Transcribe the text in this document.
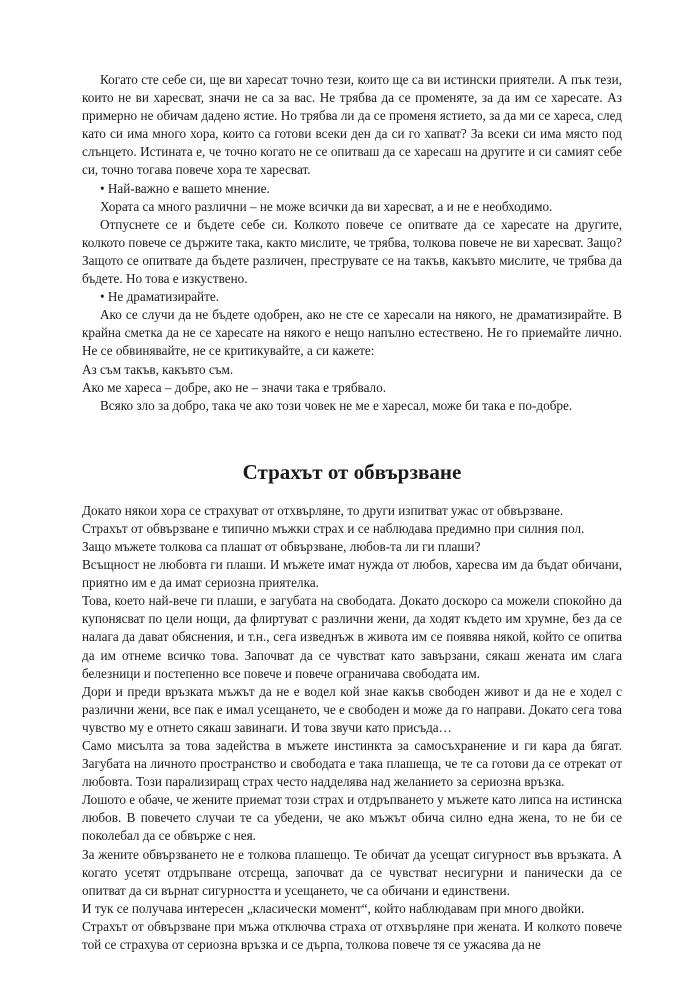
Когато сте себе си, ще ви харесат точно тези, които ще са ви истински приятели. А пък тези, които не ви харесват, значи не са за вас. Не трябва да се променяте, за да им се харесате. Аз примерно не обичам дадено ястие. Но трябва ли да се променя ястието, за да ми се хареса, след като си има много хора, които са готови всеки ден да си го хапват? За всеки си има място под слънцето. Истината е, че точно когато не се опитваш да се харесаш на другите и си самият себе си, точно тогава повече хора те харесват.

• Най-важно е вашето мнение.

Хората са много различни – не може всички да ви харесват, а и не е необходимо.

Отпуснете се и бъдете себе си. Колкото повече се опитвате да се харесате на другите, колкото повече се държите така, както мислите, че трябва, толкова повече не ви харесват. Защо? Защото се опитвате да бъдете различен, преструвате се на такъв, какъвто мислите, че трябва да бъдете. Но това е изкуствено.

• Не драматизирайте.

Ако се случи да не бъдете одобрен, ако не сте се харесали на някого, не драматизирайте. В крайна сметка да не се харесате на някого е нещо напълно естествено. Не го приемайте лично. Не се обвинявайте, не се критикувайте, а си кажете:

Аз съм такъв, какъвто съм.

Ако ме хареса – добре, ако не – значи така е трябвало.

Всяко зло за добро, така че ако този човек не ме е харесал, може би така е по-добре.

Страхът от обвързване

Докато някои хора се страхуват от отхвърляне, то други изпитват ужас от обвързване.

Страхът от обвързване е типично мъжки страх и се наблюдава предимно при силния пол.

Защо мъжете толкова са плашат от обвързване, любов-та ли ги плаши?

Всъщност не любовта ги плаши. И мъжете имат нужда от любов, харесва им да бъдат обичани, приятно им е да имат сериозна приятелка.

Това, което най-вече ги плаши, е загубата на свободата. Докато доскоро са можели спокойно да купонясват по цели нощи, да флиртуват с различни жени, да ходят където им хрумне, без да се налага да дават обяснения, и т.н., сега изведнъж в живота им се появява някой, който се опитва да им отнеме всичко това. Започват да се чувстват като завързани, сякаш жената им слага белезници и постепенно все повече и повече ограничава свободата им.

Дори и преди връзката мъжът да не е водел кой знае какъв свободен живот и да не е ходел с различни жени, все пак е имал усещането, че е свободен и може да го направи. Докато сега това чувство му е отнето сякаш завинаги. И това звучи като присъда…

Само мисълта за това задейства в мъжете инстинкта за самосъхранение и ги кара да бягат. Загубата на личното пространство и свободата е така плашеща, че те са готови да се отрекат от любовта. Този парализиращ страх често надделява над желанието за сериозна връзка.

Лошото е обаче, че жените приемат този страх и отдръпването у мъжете като липса на истинска любов. В повечето случаи те са убедени, че ако мъжът обича силно една жена, то не би се поколебал да се обвърже с нея.

За жените обвързването не е толкова плашещо. Те обичат да усещат сигурност във връзката. А когато усетят отдръпване отсреща, започват да се чувстват несигурни и панически да се опитват да си върнат сигурността и усещането, че са обичани и единствени.

И тук се получава интересен „класически момент“, който наблюдавам при много двойки.

Страхът от обвързване при мъжа отключва страха от отхвърляне при жената. И колкото повече той се страхува от сериозна връзка и се дърпа, толкова повече тя се ужасява да не
